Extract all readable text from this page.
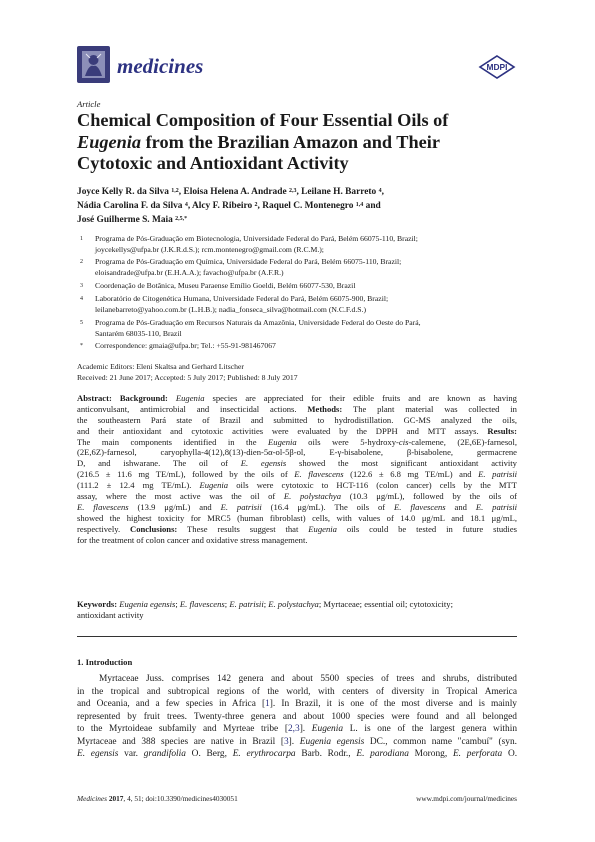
medicines	MDPI
Article
Chemical Composition of Four Essential Oils of
Eugenia from the Brazilian Amazon and Their
Cytotoxic and Antioxidant Activity
Joyce Kelly R. da Silva $^{1,2}$, Eloisa Helena A. Andrade $^{2,3}$, Leilane H. Barreto $^4$,
Nádia Carolina F. da Silva $^4$, Alcy F. Ribeiro $^2$, Raquel C. Montenegro $^{1,4}$ and
José Guilherme S. Maia $^{2,5,*}$
1 Programa de Pós-Graduação em Biotecnologia, Universidade Federal do Pará, Belém 66075-110, Brazil;
joycekellys@ufpa.br (J.K.R.d.S.); rcm.montenegro@gmail.com (R.C.M.);
2 Programa de Pós-Graduação em Química, Universidade Federal do Pará, Belém 66075-110, Brazil;
eloisandrade@ufpa.br (E.H.A.A.); favacho@ufpa.br (A.F.R.)
3 Coordenação de Botânica, Museu Paraense Emílio Goeldi, Belém 66077-530, Brazil
4 Laboratório de Citogenética Humana, Universidade Federal do Pará, Belém 66075-900, Brazil;
leilanebarreto@yahoo.com.br (L.H.B.); nadia_fonseca_silva@hotmail.com (N.C.F.d.S.)
5 Programa de Pós-Graduação em Recursos Naturais da Amazônia, Universidade Federal do Oeste do Pará,
Santarém 68035-110, Brazil
* Correspondence: gmaia@ufpa.br; Tel.: +55-91-981467067
Academic Editors: Eleni Skaltsa and Gerhard Litscher
Received: 21 June 2017; Accepted: 5 July 2017; Published: 8 July 2017
Abstract: Background: Eugenia species are appreciated for their edible fruits and are known as having
anticonvulsant, antimicrobial and insecticidal actions. Methods: The plant material was collected in
the southeastern Pará state of Brazil and submitted to hydrodistillation. GC-MS analyzed the oils,
and their antioxidant and cytotoxic activities were evaluated by the DPPH and MTT assays. Results:
The main components identified in the Eugenia oils were 5-hydroxy-cis-calemene, (2E,6E)-farnesol,
(2E,6Z)-farnesol, caryophylla-4(12),8(13)-dien-5α-ol-5β-ol, E-γ-bisabolene, β-bisabolene, germacrene
D, and ishwarane. The oil of E. egensis showed the most significant antioxidant activity
(216.5 ± 11.6 mg TE/mL), followed by the oils of E. flavescens (122.6 ± 6.8 mg TE/mL) and E. patrisii
(111.2 ± 12.4 mg TE/mL). Eugenia oils were cytotoxic to HCT-116 (colon cancer) cells by the MTT
assay, where the most active was the oil of E. polystachya (10.3 μg/mL), followed by the oils of
E. flavescens (13.9 μg/mL) and E. patrisii (16.4 μg/mL). The oils of E. flavescens and E. patrisii
showed the highest toxicity for MRC5 (human fibroblast) cells, with values of 14.0 μg/mL and 18.1 μg/mL,
respectively. Conclusions: These results suggest that Eugenia oils could be tested in future studies
for the treatment of colon cancer and oxidative stress management.
Keywords: Eugenia egensis; E. flavescens; E. patrisii; E. polystachya; Myrtaceae; essential oil; cytotoxicity;
antioxidant activity
1. Introduction
Myrtaceae Juss. comprises 142 genera and about 5500 species of trees and shrubs, distributed
in the tropical and subtropical regions of the world, with centers of diversity in Tropical America
and Oceania, and a few species in Africa [1]. In Brazil, it is one of the most diverse and is mainly
represented by fruit trees. Twenty-three genera and about 1000 species were found and all belonged
to the Myrtoideae subfamily and Myrteae tribe [2,3]. Eugenia L. is one of the largest genera within
Myrtaceae and 388 species are native in Brazil [3]. Eugenia egensis DC., common name "cambuí" (syn.
E. egensis var. grandifolia O. Berg, E. erythrocarpa Barb. Rodr., E. parodiana Morong, E. perforata O.
Medicines 2017, 4, 51; doi:10.3390/medicines4030051	www.mdpi.com/journal/medicines
